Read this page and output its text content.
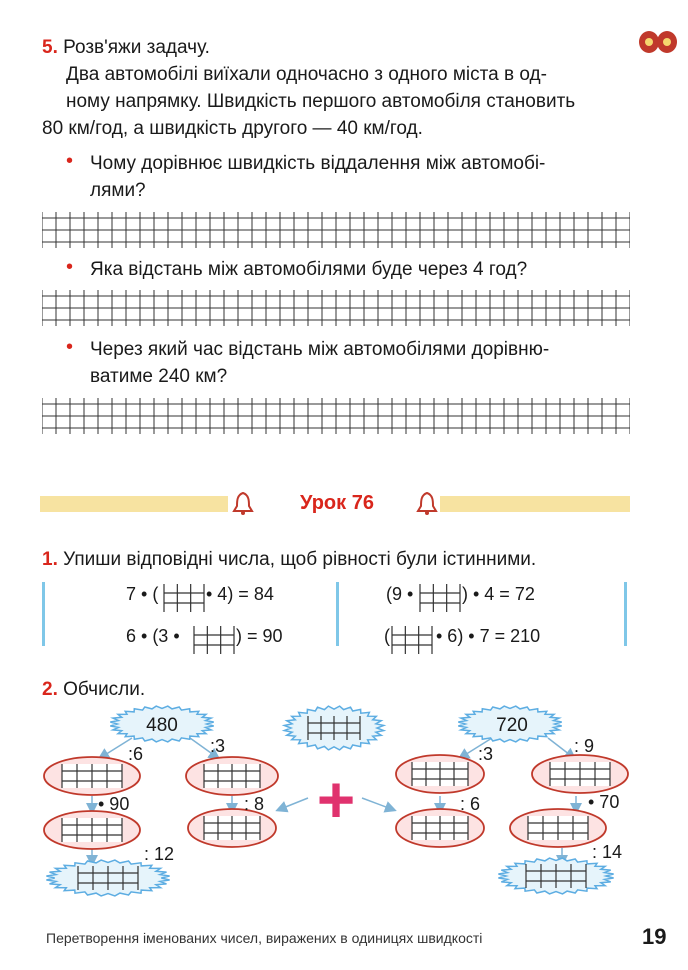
5. Розв'яжи задачу.
Два автомобілі виїхали одночасно з одного міста в од-
ному напрямку. Швидкість першого автомобіля становить
80 км/год, а швидкість другого — 40 км/год.
• Чому дорівнює швидкість віддалення між автомобі-
лями?
• Яка відстань між автомобілями буде через 4 год?
• Через який час відстань між автомобілями дорівню-
ватиме 240 км?
Урок 76
1. Упиши відповідні числа, щоб рівності були істинними.
7 • (	• 4) = 84
6 • (3 •	) = 90
(9 •	) • 4 = 72
(	• 6) • 7 = 210
2. Обчисли.
480	720
:6	:3
• 90	: 8
: 12
:3	: 9
: 6	• 70
: 14
+
Перетворення іменованих чисел, виражених в одиницях швидкості	19
